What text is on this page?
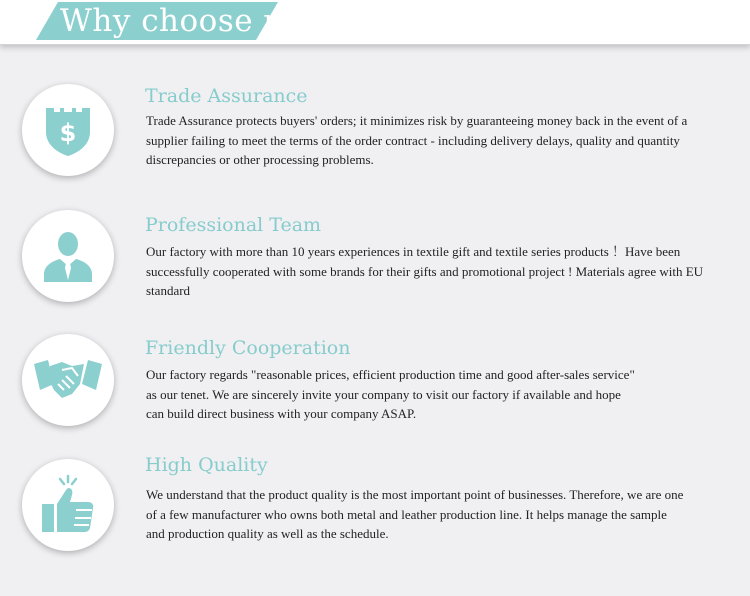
Why choose us
$
Trade Assurance
Trade Assurance protects buyers' orders; it minimizes risk by guaranteeing money back in the event of a
supplier failing to meet the terms of the order contract - including delivery delays, quality and quantity
discrepancies or other processing problems.
Professional Team
Our factory with more than 10 years experiences in textile gift and textile series products ！Have been
successfully cooperated with some brands for their gifts and promotional project ! Materials agree with EU
standard
Friendly Cooperation
Our factory regards "reasonable prices, efficient production time and good after-sales service"
as our tenet. We are sincerely invite your company to visit our factory if available and hope
can build direct business with your company ASAP.
High Quality
We understand that the product quality is the most important point of businesses. Therefore, we are one
of a few manufacturer who owns both metal and leather production line. It helps manage the sample
and production quality as well as the schedule.
